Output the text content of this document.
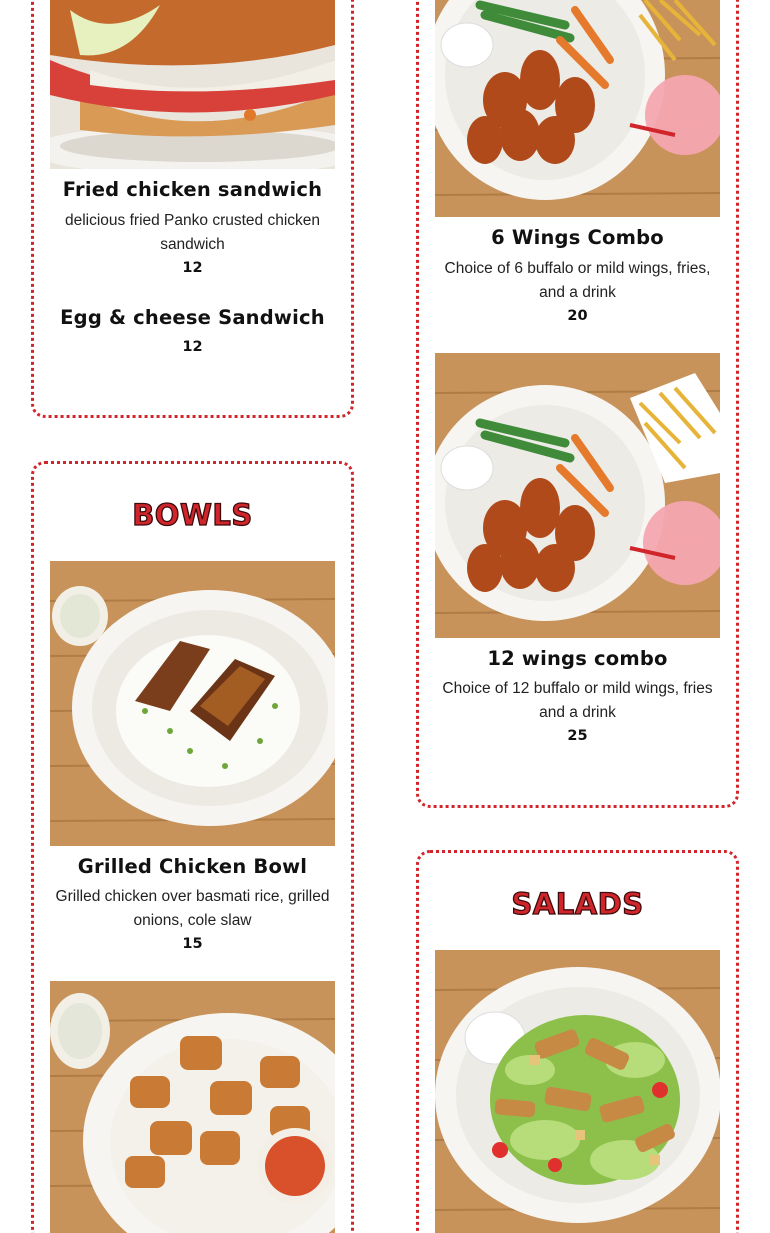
Fried chicken sandwich
delicious fried Panko crusted chicken sandwich
12
Egg & cheese Sandwich
12
BOWLS
Grilled Chicken Bowl
Grilled chicken over basmati rice, grilled onions, cole slaw
15
6 Wings Combo
Choice of 6 buffalo or mild wings, fries, and a drink
20
12 wings combo
Choice of 12 buffalo or mild wings, fries and a drink
25
SALADS
